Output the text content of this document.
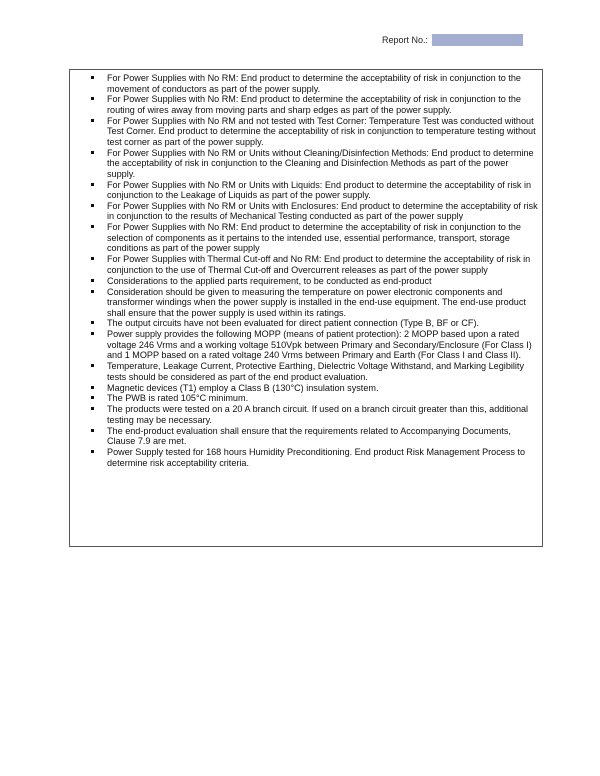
Report No.:
For Power Supplies with No RM: End product to determine the acceptability of risk in conjunction to the movement of conductors as part of the power supply.
For Power Supplies with No RM: End product to determine the acceptability of risk in conjunction to the routing of wires away from moving parts and sharp edges as part of the power supply.
For Power Supplies with No RM and not tested with Test Corner: Temperature Test was conducted without Test Corner. End product to determine the acceptability of risk in conjunction to temperature testing without test corner as part of the power supply.
For Power Supplies with No RM or Units without Cleaning/Disinfection Methods: End product to determine the acceptability of risk in conjunction to the Cleaning and Disinfection Methods as part of the power supply.
For Power Supplies with No RM or Units with Liquids: End product to determine the acceptability of risk in conjunction to the Leakage of Liquids as part of the power supply.
For Power Supplies with No RM or Units with Enclosures: End product to determine the acceptability of risk in conjunction to the results of Mechanical Testing conducted as part of the power supply
For Power Supplies with No RM: End product to determine the acceptability of risk in conjunction to the selection of components as it pertains to the intended use, essential performance, transport, storage conditions as part of the power supply
For Power Supplies with Thermal Cut-off and No RM: End product to determine the acceptability of risk in conjunction to the use of Thermal Cut-off and Overcurrent releases as part of the power supply
Considerations to the applied parts requirement, to be conducted as end-product
Consideration should be given to measuring the temperature on power electronic components and transformer windings when the power supply is installed in the end-use equipment. The end-use product shall ensure that the power supply is used within its ratings.
The output circuits have not been evaluated for direct patient connection (Type B, BF or CF).
Power supply provides the following MOPP (means of patient protection): 2 MOPP based upon a rated voltage 246 Vrms and a working voltage 510Vpk between Primary and Secondary/Enclosure (For Class I) and 1 MOPP based on a rated voltage 240 Vrms between Primary and Earth (For Class I and Class II).
Temperature, Leakage Current, Protective Earthing, Dielectric Voltage Withstand, and Marking Legibility tests should be considered as part of the end product evaluation.
Magnetic devices (T1) employ a Class B (130°C) insulation system.
The PWB is rated 105°C minimum.
The products were tested on a 20 A branch circuit. If used on a branch circuit greater than this, additional testing may be necessary.
The end-product evaluation shall ensure that the requirements related to Accompanying Documents, Clause 7.9 are met.
Power Supply tested for 168 hours Humidity Preconditioning. End product Risk Management Process to determine risk acceptability criteria.
